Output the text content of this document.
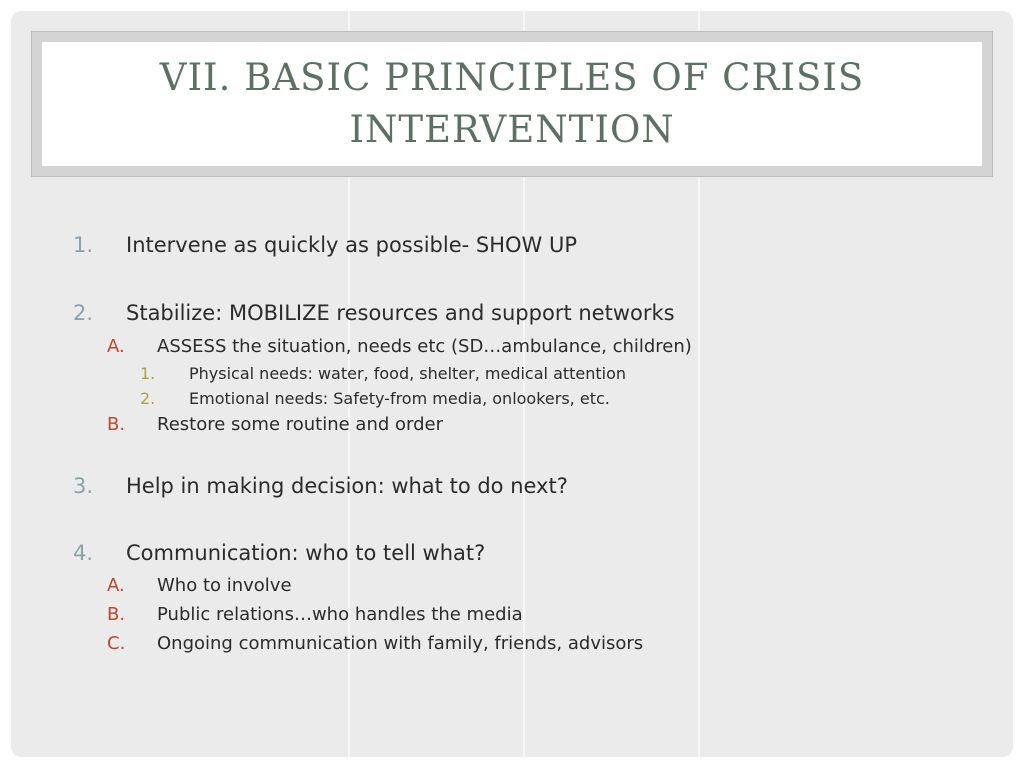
VII. BASIC PRINCIPLES OF CRISIS INTERVENTION
1. Intervene as quickly as possible- SHOW UP
2. Stabilize: MOBILIZE resources and support networks
A. ASSESS the situation, needs etc (SD…ambulance, children)
1. Physical needs: water, food, shelter, medical attention
2. Emotional needs: Safety-from media, onlookers, etc.
B. Restore some routine and order
3. Help in making decision: what to do next?
4. Communication: who to tell what?
A. Who to involve
B. Public relations…who handles the media
C. Ongoing communication with family, friends, advisors
